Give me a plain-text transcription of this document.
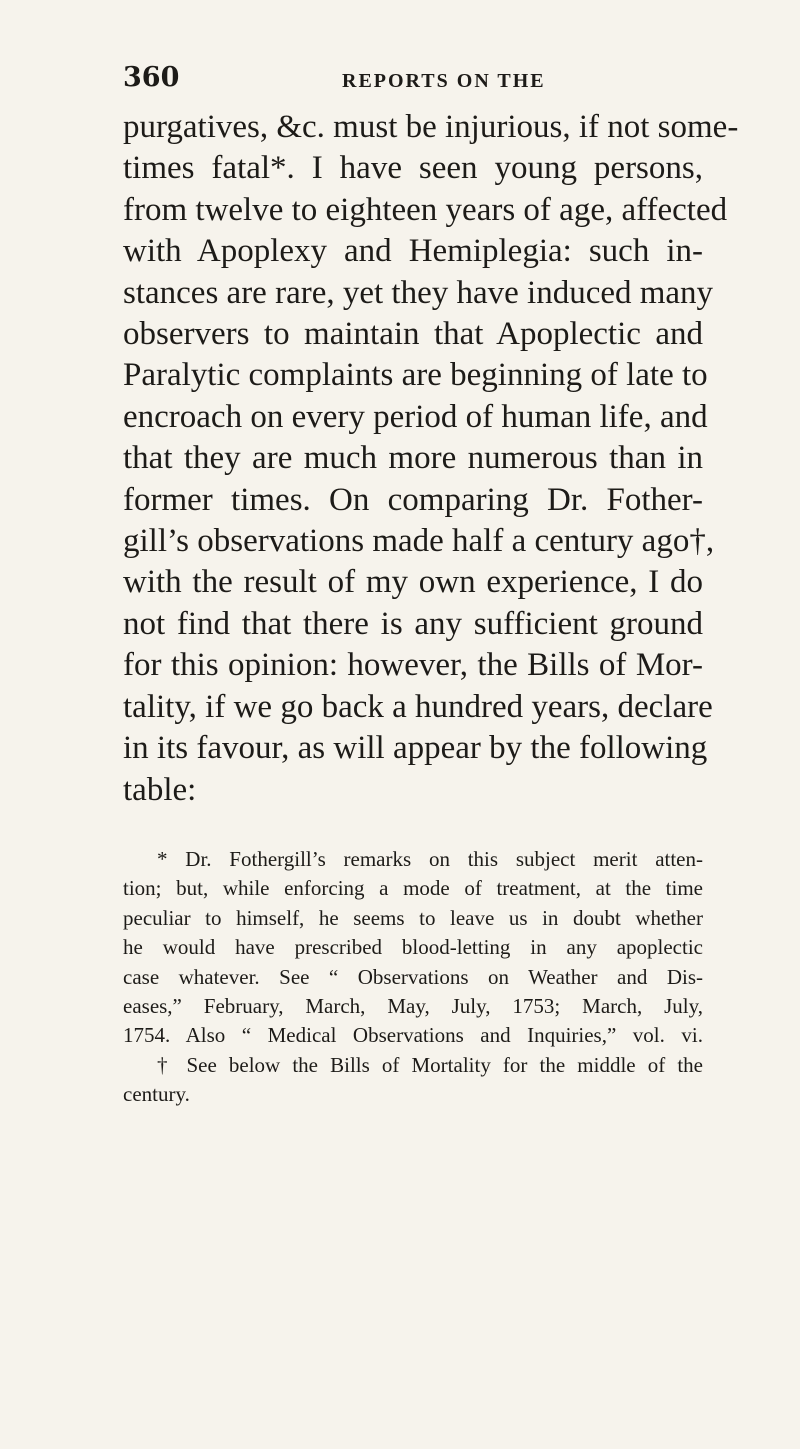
360	REPORTS ON THE
purgatives, &c. must be injurious, if not some-
times fatal*. I have seen young persons,
from twelve to eighteen years of age, affected
with Apoplexy and Hemiplegia: such in-
stances are rare, yet they have induced many
observers to maintain that Apoplectic and
Paralytic complaints are beginning of late to
encroach on every period of human life, and
that they are much more numerous than in
former times. On comparing Dr. Fother-
gill’s observations made half a century ago†,
with the result of my own experience, I do
not find that there is any sufficient ground
for this opinion: however, the Bills of Mor-
tality, if we go back a hundred years, declare
in its favour, as will appear by the following
table:
* Dr. Fothergill’s remarks on this subject merit atten-
tion; but, while enforcing a mode of treatment, at the time
peculiar to himself, he seems to leave us in doubt whether
he would have prescribed blood-letting in any apoplectic
case whatever. See “ Observations on Weather and Dis-
eases,” February, March, May, July, 1753; March, July,
1754. Also “ Medical Observations and Inquiries,” vol. vi.
† See below the Bills of Mortality for the middle of the
century.
